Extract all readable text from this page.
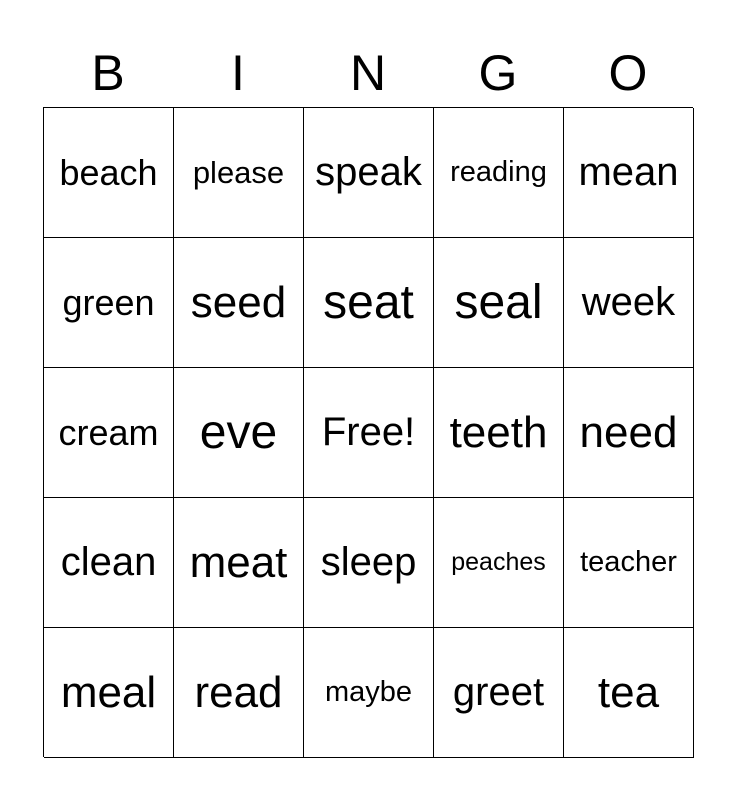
B	I	N	G	O
beach	please speak reading mean
green seed seat seal week
cream eve	Free! teeth need
clean meat sleep	peaches	teacher
meal read	maybe	greet	tea
